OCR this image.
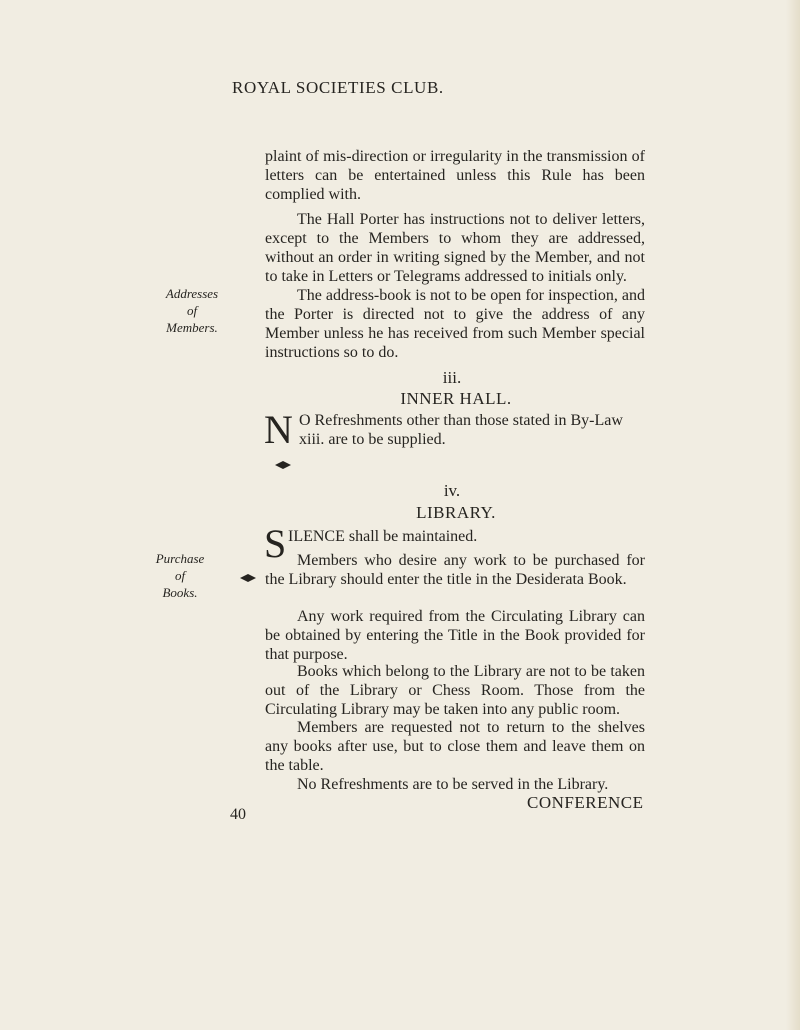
ROYAL SOCIETIES CLUB.

plaint of mis-direction or irregularity in the transmission of letters can be entertained unless this Rule has been complied with.

The Hall Porter has instructions not to deliver letters, except to the Members to whom they are addressed, without an order in writing signed by the Member, and not to take in Letters or Telegrams addressed to initials only.

Addresses
of
Members.

The address-book is not to be open for inspection, and the Porter is directed not to give the address of any Member unless he has received from such Member special instructions so to do.

iii.
INNER HALL.
N O Refreshments other than those stated in By-Law

xiii. are to be supplied.

iv.
LIBRARY.
S ILENCE shall be maintained.

Purchase
of
Books.

Members who desire any work to be purchased for the Library should enter the title in the Desiderata Book.

Any work required from the Circulating Library can be obtained by entering the Title in the Book provided for that purpose.

Books which belong to the Library are not to be taken out of the Library or Chess Room. Those from the Circulating Library may be taken into any public room.

Members are requested not to return to the shelves any books after use, but to close them and leave them on the table.

No Refreshments are to be served in the Library.

CONFERENCE
40
